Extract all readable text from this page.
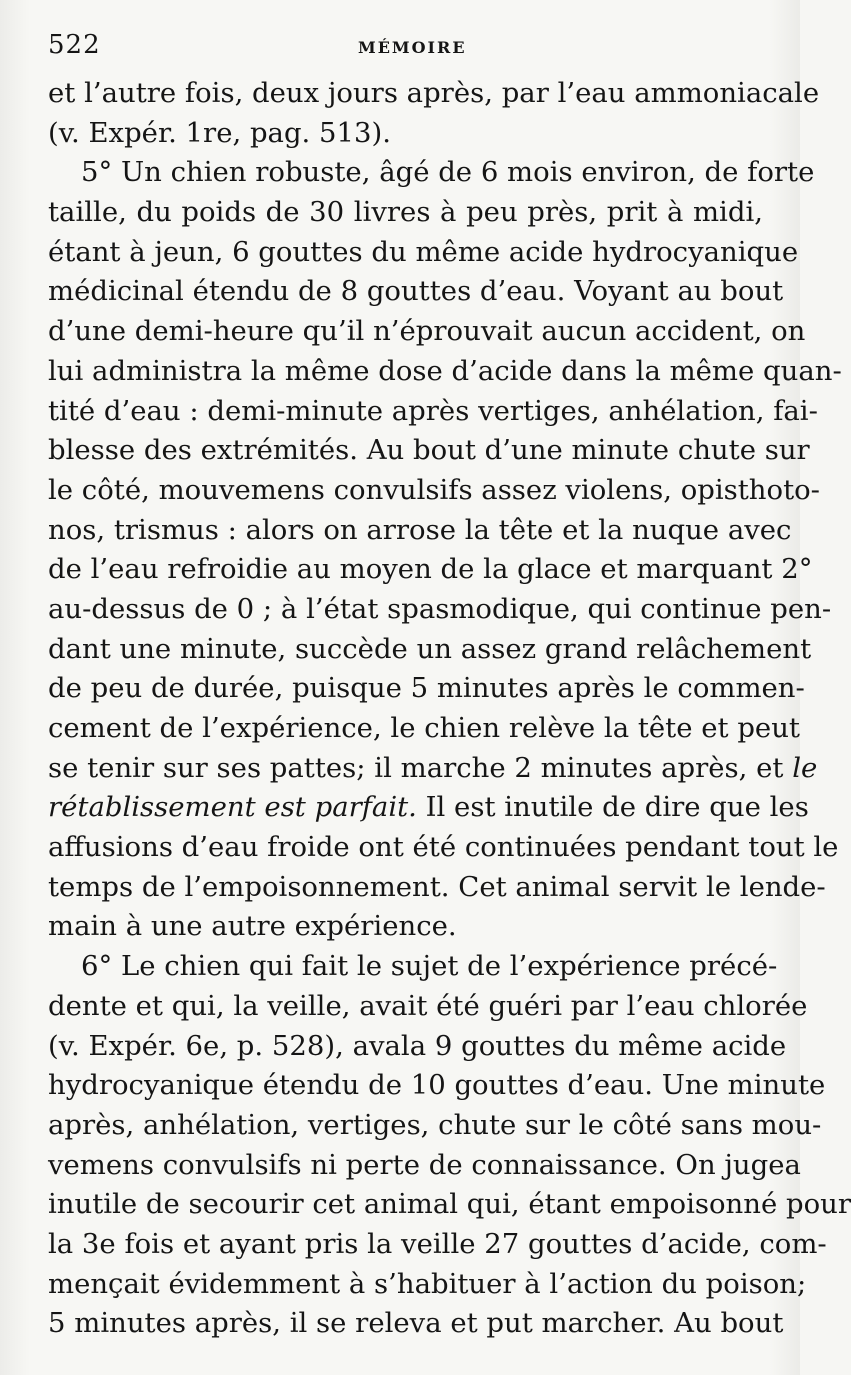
522	MÉMOIRE
et l’autre fois, deux jours après, par l’eau ammoniacale
(v. Expér. 1re, pag. 513).
5° Un chien robuste, âgé de 6 mois environ, de forte
taille, du poids de 30 livres à peu près, prit à midi,
étant à jeun, 6 gouttes du même acide hydrocyanique
médicinal étendu de 8 gouttes d’eau. Voyant au bout
d’une demi-heure qu’il n’éprouvait aucun accident, on
lui administra la même dose d’acide dans la même quan-
tité d’eau : demi-minute après vertiges, anhélation, fai-
blesse des extrémités. Au bout d’une minute chute sur
le côté, mouvemens convulsifs assez violens, opisthoto-
nos, trismus : alors on arrose la tête et la nuque avec
de l’eau refroidie au moyen de la glace et marquant 2°
au-dessus de 0 ; à l’état spasmodique, qui continue pen-
dant une minute, succède un assez grand relâchement
de peu de durée, puisque 5 minutes après le commen-
cement de l’expérience, le chien relève la tête et peut
se tenir sur ses pattes; il marche 2 minutes après, et le
rétablissement est parfait. Il est inutile de dire que les
affusions d’eau froide ont été continuées pendant tout le
temps de l’empoisonnement. Cet animal servit le lende-
main à une autre expérience.
6° Le chien qui fait le sujet de l’expérience précé-
dente et qui, la veille, avait été guéri par l’eau chlorée
(v. Expér. 6e, p. 528), avala 9 gouttes du même acide
hydrocyanique étendu de 10 gouttes d’eau. Une minute
après, anhélation, vertiges, chute sur le côté sans mou-
vemens convulsifs ni perte de connaissance. On jugea
inutile de secourir cet animal qui, étant empoisonné pour
la 3e fois et ayant pris la veille 27 gouttes d’acide, com-
mençait évidemment à s’habituer à l’action du poison;
5 minutes après, il se releva et put marcher. Au bout
